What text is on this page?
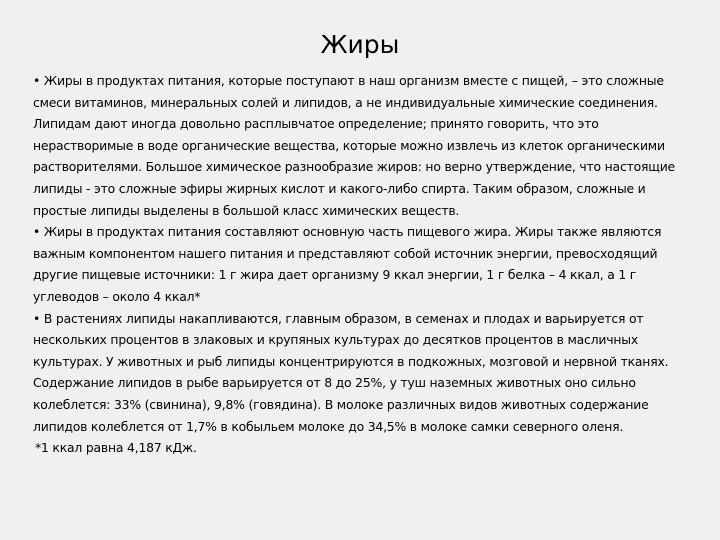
Жиры

• Жиры в продуктах питания, которые поступают в наш организм вместе с пищей, – это сложные смеси витаминов, минеральных солей и липидов, а не индивидуальные химические соединения. Липидам дают иногда довольно расплывчатое определение; принято говорить, что это нерастворимые в воде органические вещества, которые можно извлечь из клеток органическими растворителями. Большое химическое разнообразие жиров: но верно утверждение, что настоящие липиды - это сложные эфиры жирных кислот и какого-либо спирта. Таким образом, сложные и простые липиды выделены в большой класс химических веществ.

• Жиры в продуктах питания составляют основную часть пищевого жира. Жиры также являются важным компонентом нашего питания и представляют собой источник энергии, превосходящий другие пищевые источники: 1 г жира дает организму 9 ккал энергии, 1 г белка – 4 ккал, а 1 г углеводов – около 4 ккал*

• В растениях липиды накапливаются, главным образом, в семенах и плодах и варьируется от нескольких процентов в злаковых и крупяных культурах до десятков процентов в масличных культурах. У животных и рыб липиды концентрируются в подкожных, мозговой и нервной тканях. Содержание липидов в рыбе варьируется от 8 до 25%, у туш наземных животных оно сильно колеблется: 33% (свинина), 9,8% (говядина). В молоке различных видов животных содержание липидов колеблется от 1,7% в кобыльем молоке до 34,5% в молоке самки северного оленя.

*1 ккал равна 4,187 кДж.
